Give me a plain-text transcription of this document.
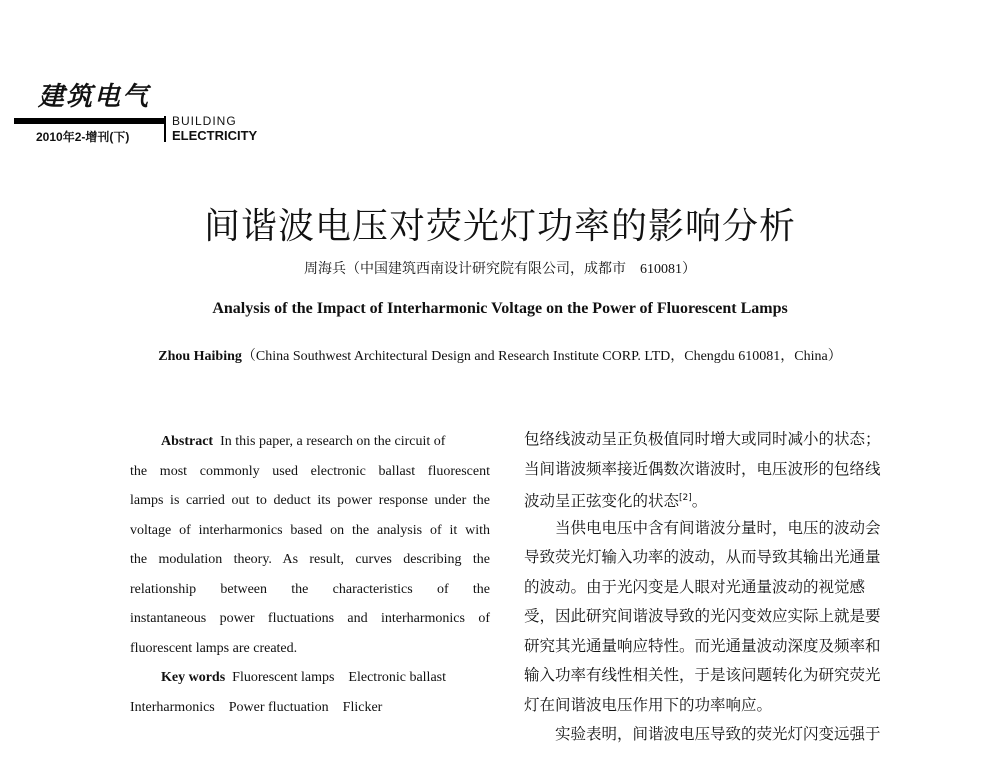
建筑电气
2010年2-增刊(下)
BUILDING
ELECTRICITY
间谐波电压对荧光灯功率的影响分析
周海兵（中国建筑西南设计研究院有限公司，成都市　610081）
Analysis of the Impact of Interharmonic Voltage on the Power of Fluorescent Lamps
Zhou Haibing（China Southwest Architectural Design and Research Institute CORP. LTD，Chengdu 610081，China）
Abstract In this paper, a research on the circuit of
the most commonly used electronic ballast fluorescent
lamps is carried out to deduct its power response under the
voltage of interharmonics based on the analysis of it with
the modulation theory. As result, curves describing the
relationship between the characteristics of the
instantaneous power fluctuations and interharmonics of
fluorescent lamps are created.
Key words Fluorescent lamps　Electronic ballast
Interharmonics　Power fluctuation　Flicker
包络线波动呈正负极值同时增大或同时减小的状态；
当间谐波频率接近偶数次谐波时，电压波形的包络线
波动呈正弦变化的状态[2]。
当供电电压中含有间谐波分量时，电压的波动会
导致荧光灯输入功率的波动，从而导致其输出光通量
的波动。由于光闪变是人眼对光通量波动的视觉感
受，因此研究间谐波导致的光闪变效应实际上就是要
研究其光通量响应特性。而光通量波动深度及频率和
输入功率有线性相关性，于是该问题转化为研究荧光
灯在间谐波电压作用下的功率响应。
实验表明，间谐波电压导致的荧光灯闪变远强于
